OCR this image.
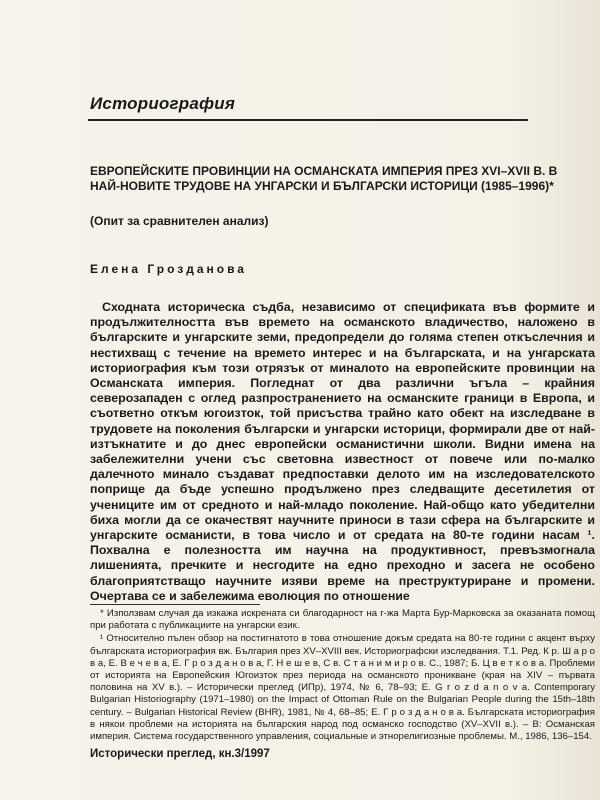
Историография
ЕВРОПЕЙСКИТЕ ПРОВИНЦИИ НА ОСМАНСКАТА ИМПЕРИЯ ПРЕЗ XVI–XVII В. В НАЙ-НОВИТЕ ТРУДОВЕ НА УНГАРСКИ И БЪЛГАРСКИ ИСТОРИЦИ (1985–1996)*
(Опит за сравнителен анализ)
Елена Грозданова

Сходната историческа съдба, независимо от спецификата във формите и продължителността във времето на османското владичество, наложено в българските и унгарските земи, предопредели до голяма степен откъслечния и нестихващ с течение на времето интерес и на българската, и на унгарската историография към този отрязък от миналото на европейските провинции на Османската империя. Погледнат от два различни ъгъла – крайния северозападен с оглед разпространението на османските граници в Европа, и съответно откъм югоизток, той присъства трайно като обект на изследване в трудовете на поколения български и унгарски историци, формирали две от най-изтъкнатите и до днес европейски османистични школи. Видни имена на забележителни учени със световна известност от повече или по-малко далечното минало създават предпоставки делото им на изследователското поприще да бъде успешно продължено през следващите десетилетия от учениците им от средното и най-младо поколение. Най-общо като убедителни биха могли да се окачествят научните приноси в тази сфера на българските и унгарските османисти, в това число и от средата на 80-те години насам ¹. Похвална е полезността им научна на продуктивност, превъзмогнала лишенията, пречките и несгодите на едно преходно и засега не особено благоприятстващо научните изяви време на преструктуриране и промени. Очертава се и забележима еволюция по отношение

* Използвам случая да изкажа искрената си благодарност на г-жа Марта Бур-Марковска за оказаната помощ при работата с публикациите на унгарски език.

¹ Относително пълен обзор на постигнатото в това отношение докъм средата на 80-те години с акцент върху българската историография вж. България през XV–XVIII век. Историографски изследвания. Т.1. Ред. К р. Ш а р о в а, Е. В е ч е в а, Е. Г р о з д а н о в а, Г. Н е ш е в, С в. С т а н и м и р о в. С., 1987; Б. Ц в е т к о в а. Проблеми от историята на Европейския Югоизток през периода на османското проникване (края на XIV – първата половина на XV в.). – Исторически преглед (ИПр), 1974, № 6, 78–93; E. G r o z d a n o v a. Contemporary Bulgarian Historiography (1971–1980) on the Impact of Ottoman Rule on the Bulgarian People during the 15th–18th century. – Bulgarian Historical Review (BHR), 1981, № 4, 68–85; Е. Г р о з д а н о в а. Българската историография в някои проблеми на историята на българския народ под османско господство (XV–XVII в.). – В: Османская империя. Система государственного управления, социальные и этнорелигиозные проблемы. М., 1986, 136–154.

Исторически преглед, кн.3/1997
